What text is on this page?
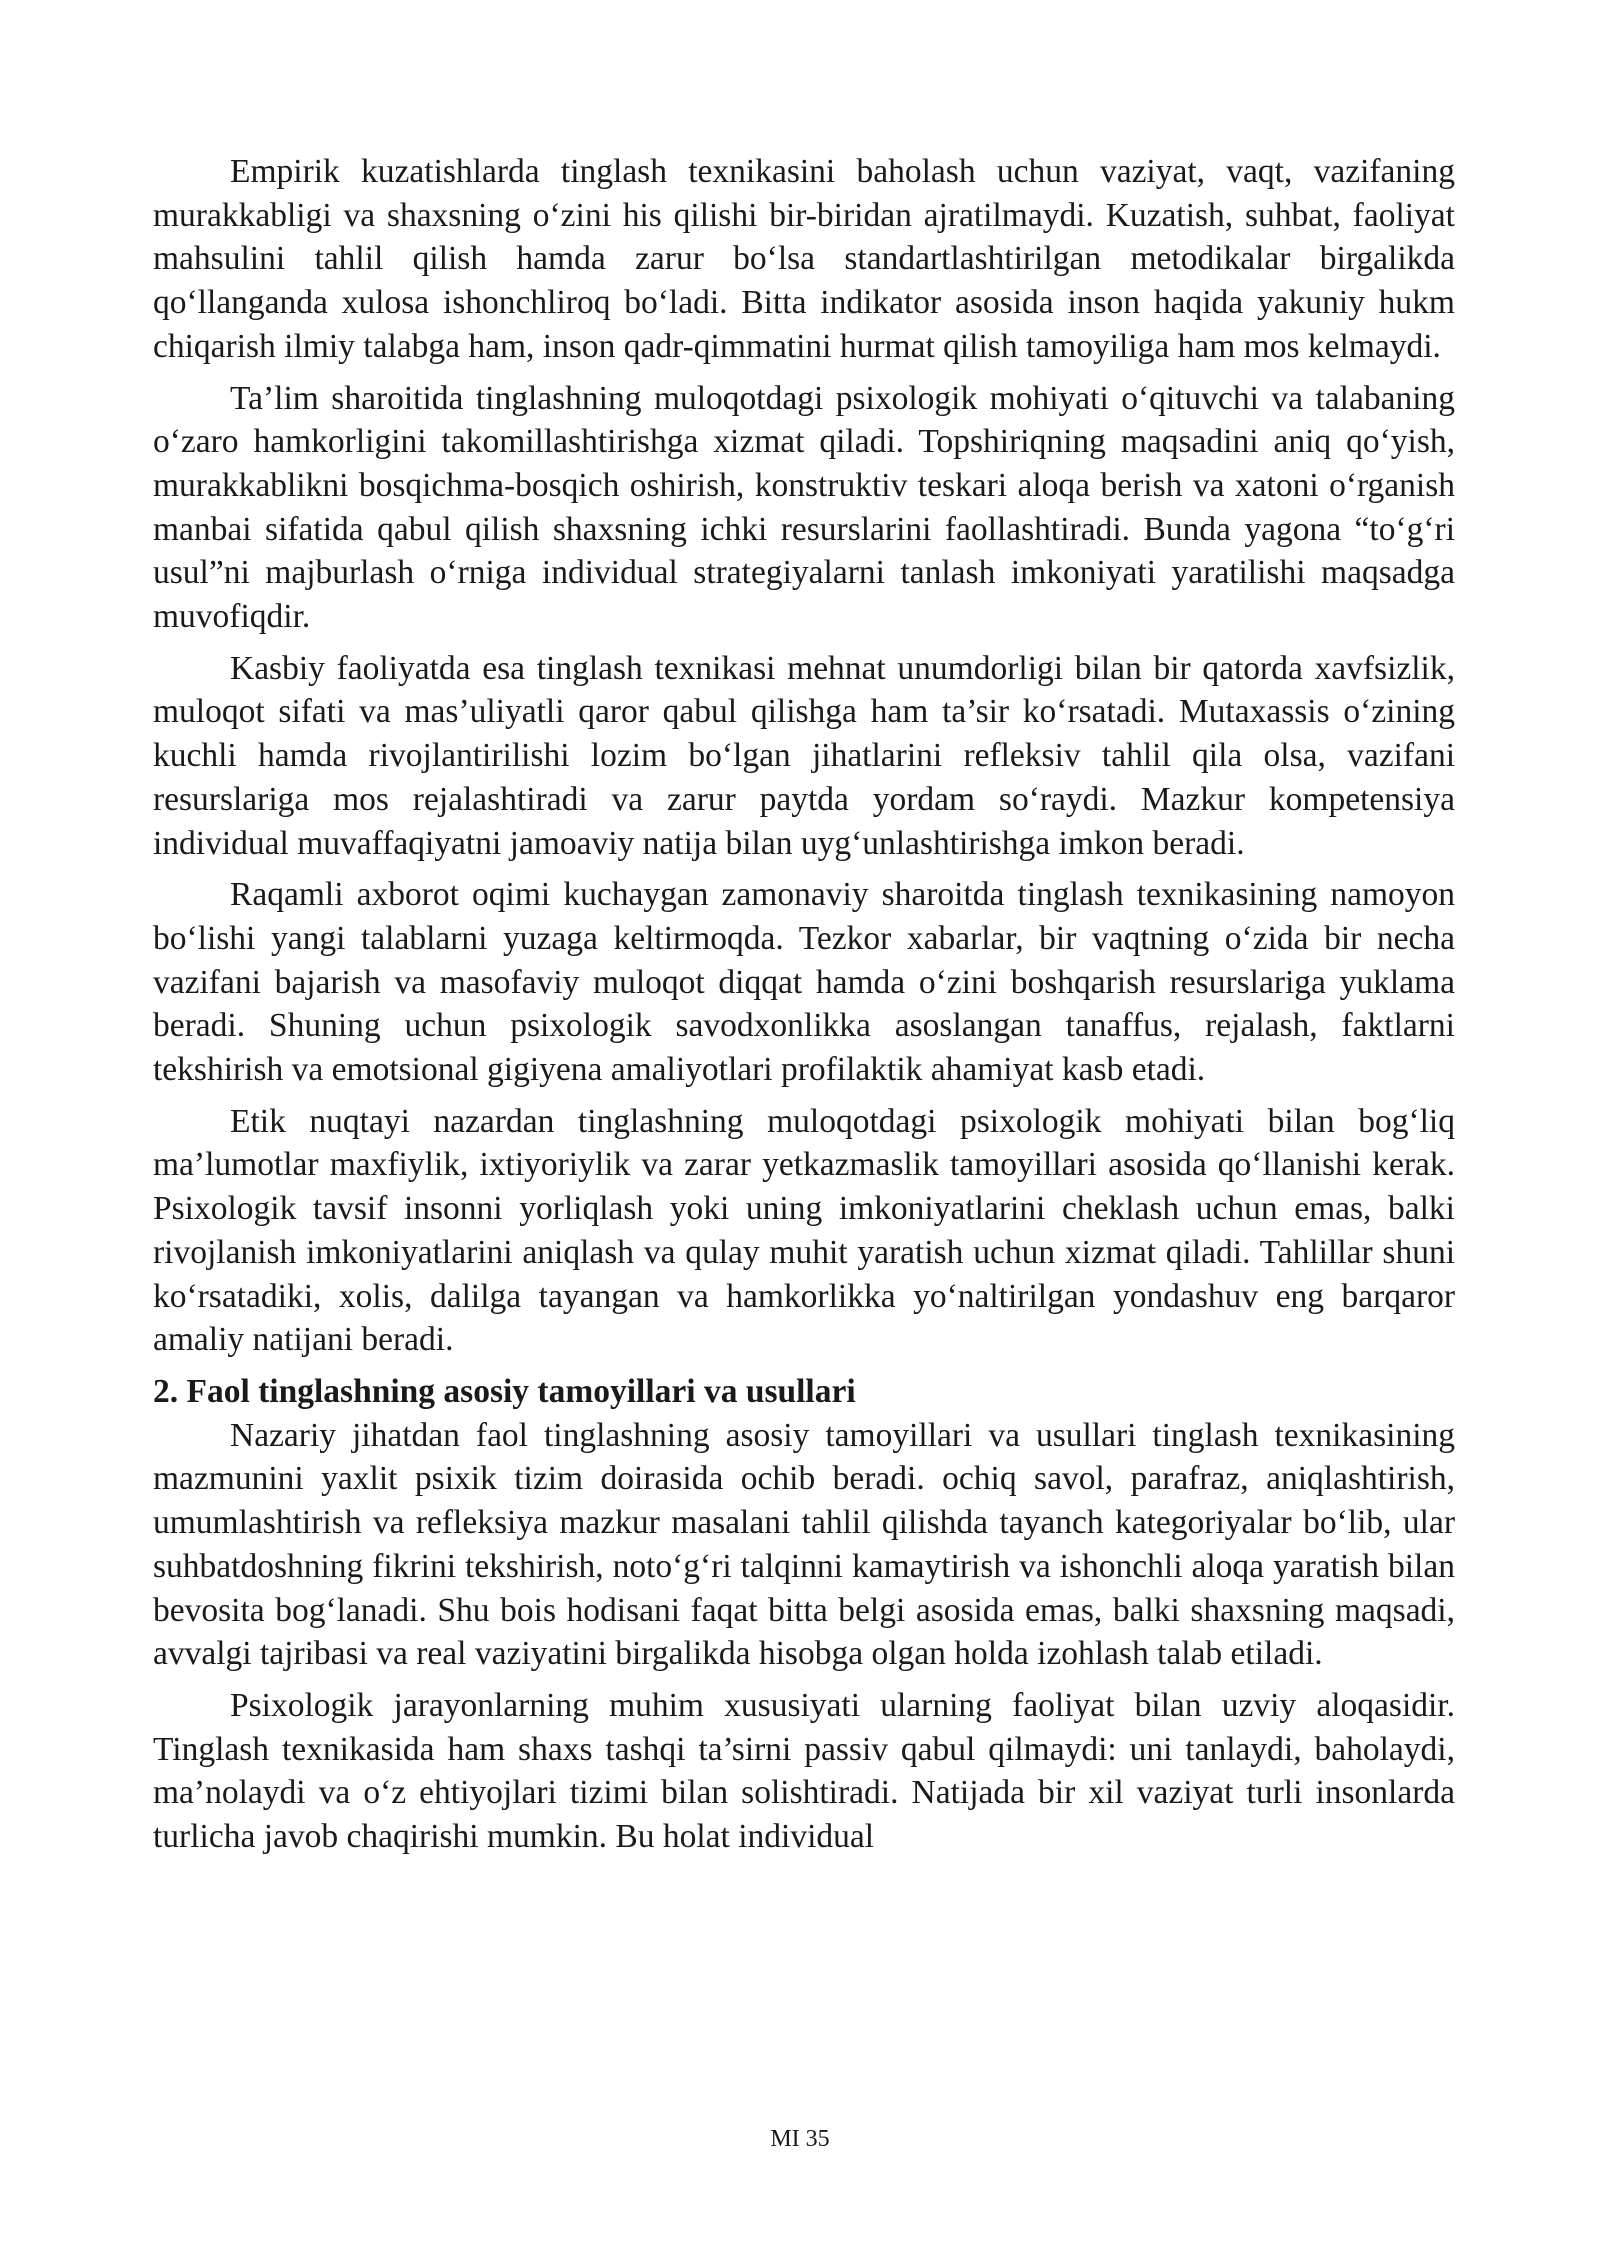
Empirik kuzatishlarda tinglash texnikasini baholash uchun vaziyat, vaqt, vazifaning murakkabligi va shaxsning o‘zini his qilishi bir-biridan ajratilmaydi. Kuzatish, suhbat, faoliyat mahsulini tahlil qilish hamda zarur bo‘lsa standartlashtirilgan metodikalar birgalikda qo‘llanganda xulosa ishonchliroq bo‘ladi. Bitta indikator asosida inson haqida yakuniy hukm chiqarish ilmiy talabga ham, inson qadr-qimmatini hurmat qilish tamoyiliga ham mos kelmaydi.

Ta’lim sharoitida tinglashning muloqotdagi psixologik mohiyati o‘qituvchi va talabaning o‘zaro hamkorligini takomillashtirishga xizmat qiladi. Topshiriqning maqsadini aniq qo‘yish, murakkablikni bosqichma-bosqich oshirish, konstruktiv teskari aloqa berish va xatoni o‘rganish manbai sifatida qabul qilish shaxsning ichki resurslarini faollashtiradi. Bunda yagona “to‘g‘ri usul”ni majburlash o‘rniga individual strategiyalarni tanlash imkoniyati yaratilishi maqsadga muvofiqdir.

Kasbiy faoliyatda esa tinglash texnikasi mehnat unumdorligi bilan bir qatorda xavfsizlik, muloqot sifati va mas’uliyatli qaror qabul qilishga ham ta’sir ko‘rsatadi. Mutaxassis o‘zining kuchli hamda rivojlantirilishi lozim bo‘lgan jihatlarini refleksiv tahlil qila olsa, vazifani resurslariga mos rejalashtiradi va zarur paytda yordam so‘raydi. Mazkur kompetensiya individual muvaffaqiyatni jamoaviy natija bilan uyg‘unlashtirishga imkon beradi.

Raqamli axborot oqimi kuchaygan zamonaviy sharoitda tinglash texnikasining namoyon bo‘lishi yangi talablarni yuzaga keltirmoqda. Tezkor xabarlar, bir vaqtning o‘zida bir necha vazifani bajarish va masofaviy muloqot diqqat hamda o‘zini boshqarish resurslariga yuklama beradi. Shuning uchun psixologik savodxonlikka asoslangan tanaffus, rejalash, faktlarni tekshirish va emotsional gigiyena amaliyotlari profilaktik ahamiyat kasb etadi.

Etik nuqtayi nazardan tinglashning muloqotdagi psixologik mohiyati bilan bog‘liq ma’lumotlar maxfiylik, ixtiyoriylik va zarar yetkazmaslik tamoyillari asosida qo‘llanishi kerak. Psixologik tavsif insonni yorliqlash yoki uning imkoniyatlarini cheklash uchun emas, balki rivojlanish imkoniyatlarini aniqlash va qulay muhit yaratish uchun xizmat qiladi. Tahlillar shuni ko‘rsatadiki, xolis, dalilga tayangan va hamkorlikka yo‘naltirilgan yondashuv eng barqaror amaliy natijani beradi.

2. Faol tinglashning asosiy tamoyillari va usullari

Nazariy jihatdan faol tinglashning asosiy tamoyillari va usullari tinglash texnikasining mazmunini yaxlit psixik tizim doirasida ochib beradi. ochiq savol, parafraz, aniqlashtirish, umumlashtirish va refleksiya mazkur masalani tahlil qilishda tayanch kategoriyalar bo‘lib, ular suhbatdoshning fikrini tekshirish, noto‘g‘ri talqinni kamaytirish va ishonchli aloqa yaratish bilan bevosita bog‘lanadi. Shu bois hodisani faqat bitta belgi asosida emas, balki shaxsning maqsadi, avvalgi tajribasi va real vaziyatini birgalikda hisobga olgan holda izohlash talab etiladi.

Psixologik jarayonlarning muhim xususiyati ularning faoliyat bilan uzviy aloqasidir. Tinglash texnikasida ham shaxs tashqi ta’sirni passiv qabul qilmaydi: uni tanlaydi, baholaydi, ma’nolaydi va o‘z ehtiyojlari tizimi bilan solishtiradi. Natijada bir xil vaziyat turli insonlarda turlicha javob chaqirishi mumkin. Bu holat individual

MI 35
